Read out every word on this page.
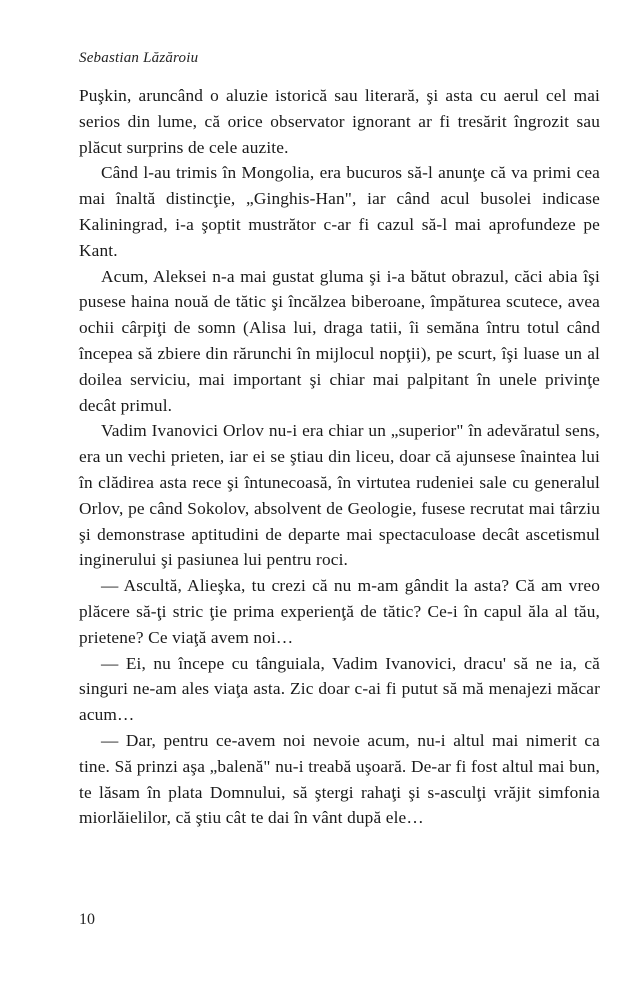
Sebastian Lăzăroiu

Puşkin, aruncând o aluzie istorică sau literară, şi asta cu aerul cel mai serios din lume, că orice observator ignorant ar fi tresărit îngrozit sau plăcut surprins de cele auzite.

Când l-au trimis în Mongolia, era bucuros să-l anunţe că va primi cea mai înaltă distincţie, „Ginghis-Han", iar când acul busolei indicase Kaliningrad, i-a şoptit mustrător c-ar fi cazul să-l mai aprofundeze pe Kant.

Acum, Aleksei n-a mai gustat gluma şi i-a bătut obrazul, căci abia îşi pusese haina nouă de tătic şi încălzea biberoane, împăturea scutece, avea ochii cârpiţi de somn (Alisa lui, draga tatii, îi semăna întru totul când începea să zbiere din rărunchi în mijlocul nopţii), pe scurt, îşi luase un al doilea serviciu, mai important şi chiar mai palpitant în unele privinţe decât primul.

Vadim Ivanovici Orlov nu-i era chiar un „superior" în adevăratul sens, era un vechi prieten, iar ei se ştiau din liceu, doar că ajunsese înaintea lui în clădirea asta rece şi întunecoasă, în virtutea rudeniei sale cu generalul Orlov, pe când Sokolov, absolvent de Geologie, fusese recrutat mai târziu şi demonstrase aptitudini de departe mai spectaculoase decât ascetismul inginerului şi pasiunea lui pentru roci.

— Ascultă, Alieşka, tu crezi că nu m-am gândit la asta? Că am vreo plăcere să-ţi stric ţie prima experienţă de tătic? Ce-i în capul ăla al tău, prietene? Ce viaţă avem noi…

— Ei, nu începe cu tânguiala, Vadim Ivanovici, dracu' să ne ia, că singuri ne-am ales viaţa asta. Zic doar c-ai fi putut să mă menajezi măcar acum…

— Dar, pentru ce-avem noi nevoie acum, nu-i altul mai nimerit ca tine. Să prinzi aşa „balenă" nu-i treabă uşoară. De-ar fi fost altul mai bun, te lăsam în plata Domnului, să ştergi rahaţi şi s-asculţi vrăjit simfonia miorlăielilor, că ştiu cât te dai în vânt după ele…

10
